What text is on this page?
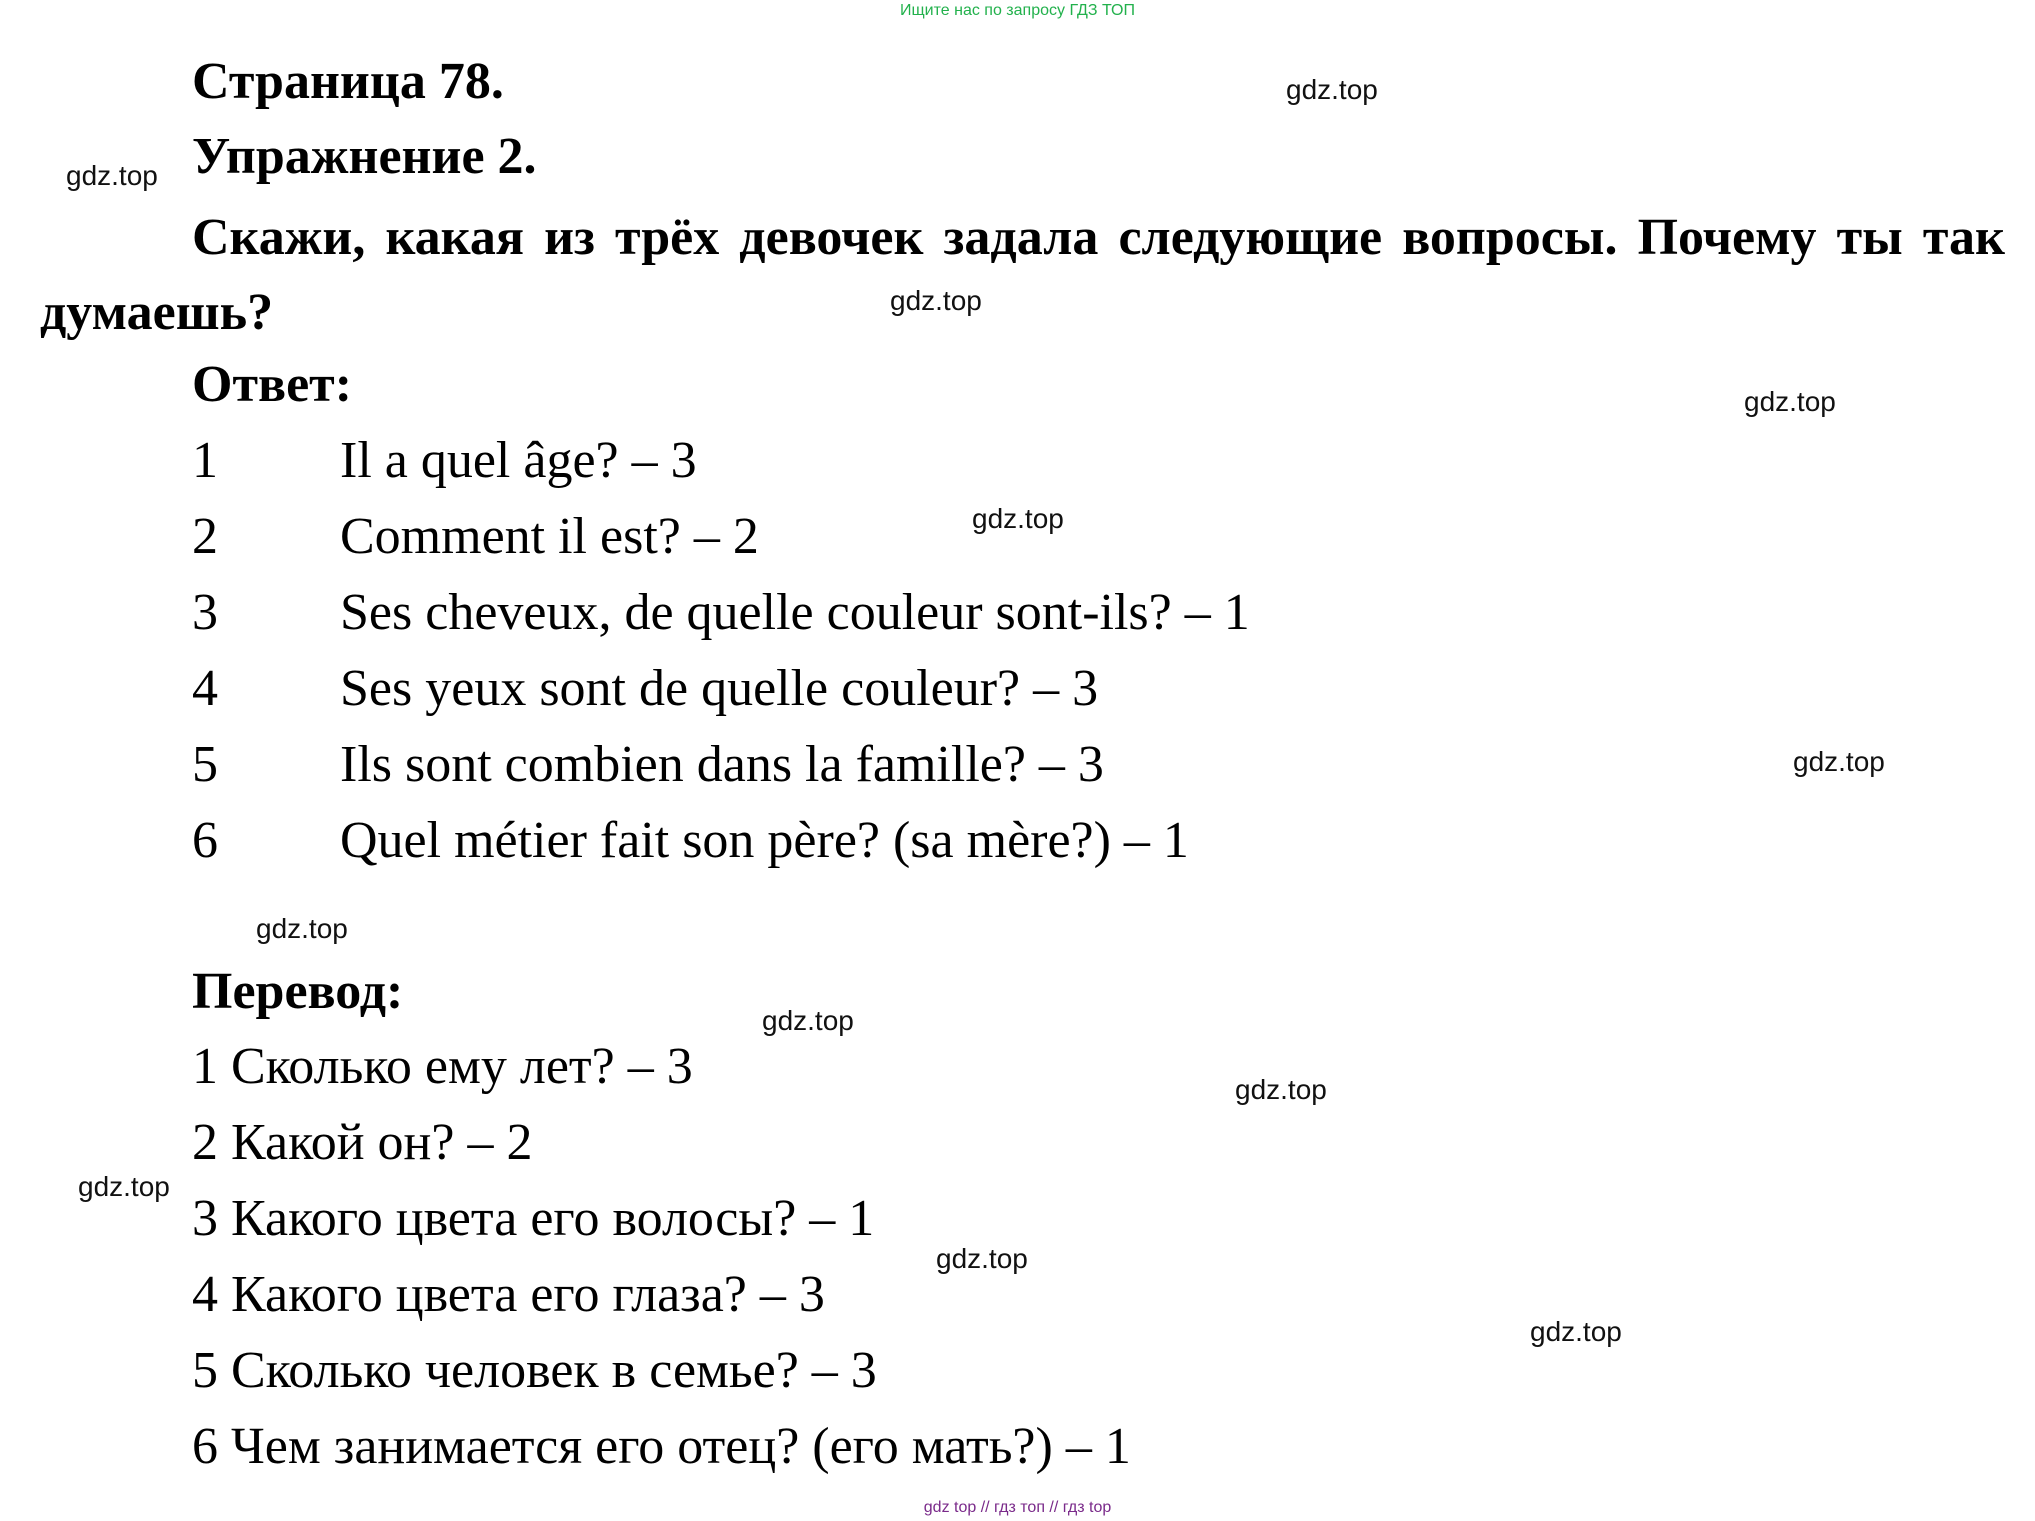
Ищите нас по запросу ГДЗ ТОП
Страница 78.
Упражнение 2.
Скажи, какая из трёх девочек задала следующие вопросы. Почему ты так думаешь?
Ответ:
1 Il a quel âge? – 3
2 Comment il est? – 2
3 Ses cheveux, de quelle couleur sont-ils? – 1
4 Ses yeux sont de quelle couleur? – 3
5 Ils sont combien dans la famille? – 3
6 Quel métier fait son père? (sa mère?) – 1
Перевод:
1 Сколько ему лет? – 3
2 Какой он? – 2
3 Какого цвета его волосы? – 1
4 Какого цвета его глаза? – 3
5 Сколько человек в семье? – 3
6 Чем занимается его отец? (его мать?) – 1
gdz.top
gdz.top
gdz.top
gdz.top
gdz.top
gdz.top
gdz.top
gdz.top
gdz.top
gdz.top
gdz.top
gdz.top
gdz top // гдз топ // гдз top
